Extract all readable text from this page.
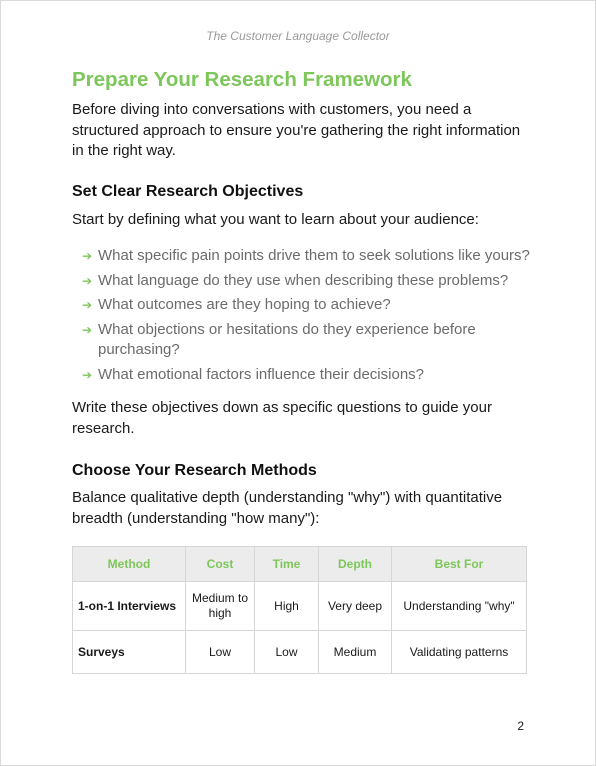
The Customer Language Collector
Prepare Your Research Framework

Before diving into conversations with customers, you need a structured approach to ensure you're gathering the right information in the right way.

Set Clear Research Objectives

Start by defining what you want to learn about your audience:

➔ What specific pain points drive them to seek solutions like yours?
➔ What language do they use when describing these problems?
➔ What outcomes are they hoping to achieve?
➔ What objections or hesitations do they experience before purchasing?
➔ What emotional factors influence their decisions?

Write these objectives down as specific questions to guide your research.

Choose Your Research Methods

Balance qualitative depth (understanding "why") with quantitative breadth (understanding "how many"):

Method	Cost	Time	Depth	Best For
1-on-1 Interviews	Medium to high	High	Very deep	Understanding "why"
Surveys	Low	Low	Medium	Validating patterns
2
